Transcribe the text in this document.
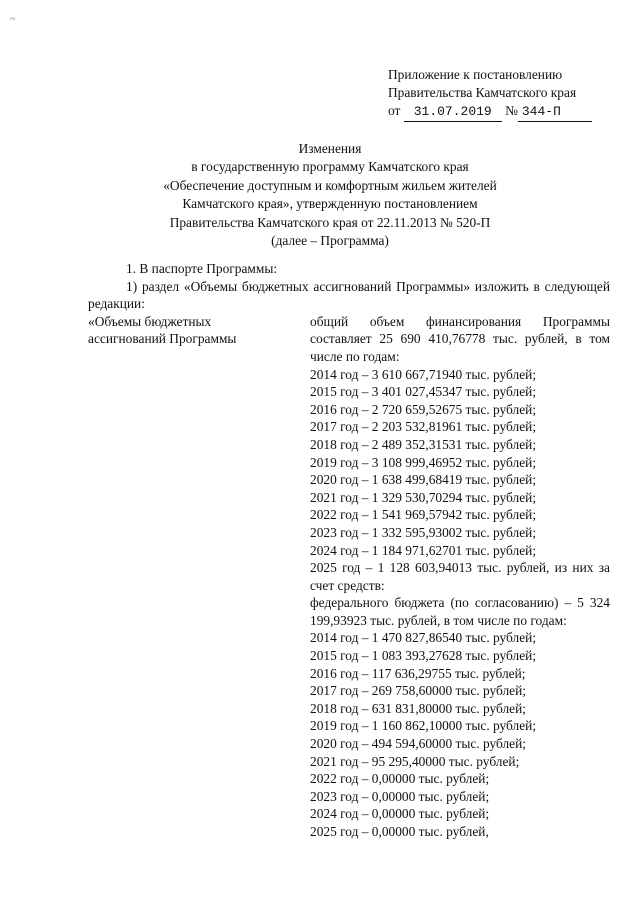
~
Приложение к постановлению
Правительства Камчатского края
от 31.07.2019 № 344-П
Изменения
в государственную программу Камчатского края
«Обеспечение доступным и комфортным жильем жителей
Камчатского края», утвержденную постановлением
Правительства Камчатского края от 22.11.2013 № 520-П
(далее – Программа)
1. В паспорте Программы:
1) раздел «Объемы бюджетных ассигнований Программы» изложить в следующей редакции:
«Объемы бюджетных
ассигнований Программы
общий объем финансирования Программы составляет 25 690 410,76778 тыс. рублей, в том числе по годам:
2014 год – 3 610 667,71940 тыс. рублей;
2015 год – 3 401 027,45347 тыс. рублей;
2016 год – 2 720 659,52675 тыс. рублей;
2017 год – 2 203 532,81961 тыс. рублей;
2018 год – 2 489 352,31531 тыс. рублей;
2019 год – 3 108 999,46952 тыс. рублей;
2020 год – 1 638 499,68419 тыс. рублей;
2021 год – 1 329 530,70294 тыс. рублей;
2022 год – 1 541 969,57942 тыс. рублей;
2023 год – 1 332 595,93002 тыс. рублей;
2024 год – 1 184 971,62701 тыс. рублей;
2025 год – 1 128 603,94013 тыс. рублей, из них за счет средств:
федерального бюджета (по согласованию) – 5 324 199,93923 тыс. рублей, в том числе по годам:
2014 год – 1 470 827,86540 тыс. рублей;
2015 год – 1 083 393,27628 тыс. рублей;
2016 год – 117 636,29755 тыс. рублей;
2017 год – 269 758,60000 тыс. рублей;
2018 год – 631 831,80000 тыс. рублей;
2019 год – 1 160 862,10000 тыс. рублей;
2020 год – 494 594,60000 тыс. рублей;
2021 год – 95 295,40000 тыс. рублей;
2022 год – 0,00000 тыс. рублей;
2023 год – 0,00000 тыс. рублей;
2024 год – 0,00000 тыс. рублей;
2025 год – 0,00000 тыс. рублей,
